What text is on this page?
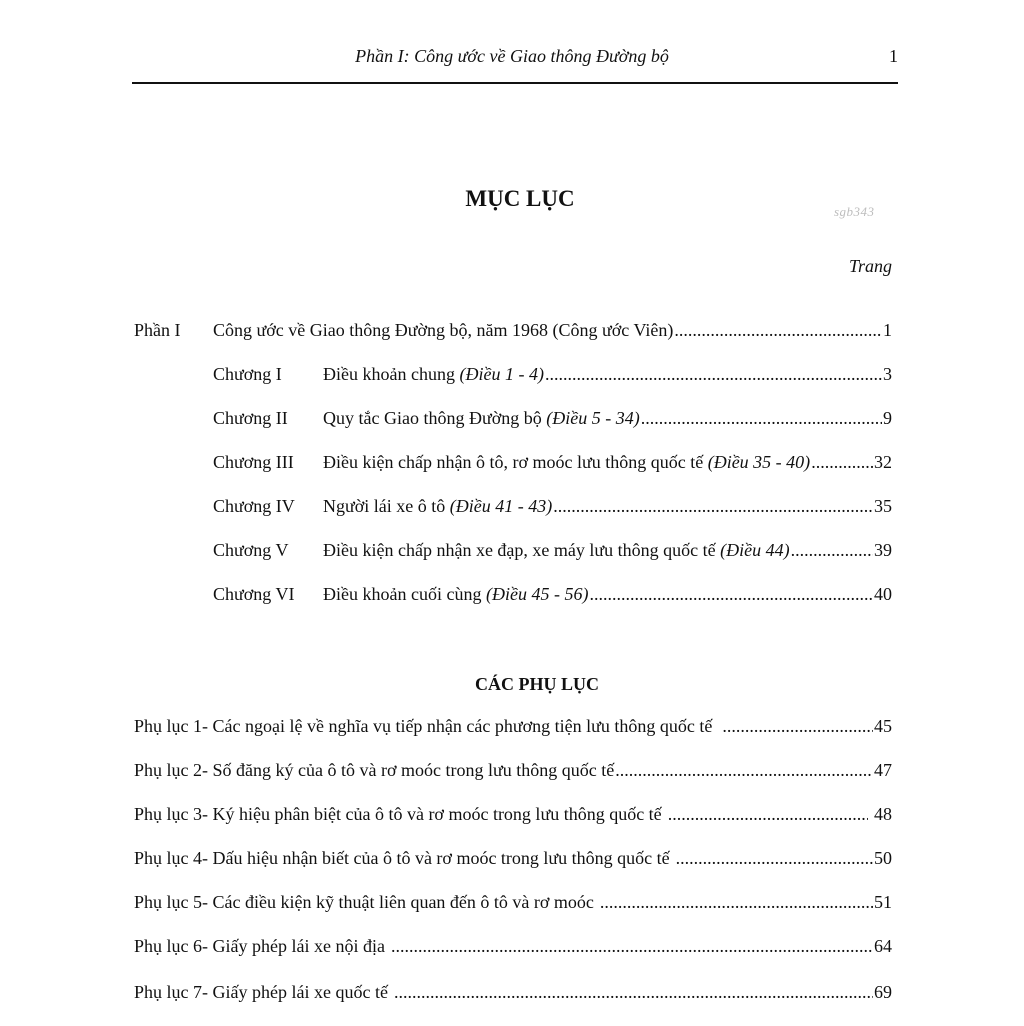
Phần I: Công ước về Giao thông Đường bộ	1
MỤC LỤC
sgb343
Trang
Phần I	Công ước về Giao thông Đường bộ, năm 1968 (Công ước Viên) .....	1
Chương I	Điều khoản chung (Điều 1 - 4) .....	3
Chương II	Quy tắc Giao thông Đường bộ (Điều 5 - 34) .....	9
Chương III	Điều kiện chấp nhận ô tô, rơ moóc lưu thông quốc tế (Điều 35 - 40) .....	32
Chương IV	Người lái xe ô tô (Điều 41 - 43) .....	35
Chương V	Điều kiện chấp nhận xe đạp, xe máy lưu thông quốc tế (Điều 44) .....	39
Chương VI	Điều khoản cuối cùng (Điều 45 - 56) .....	40
CÁC PHỤ LỤC
Phụ lục 1- Các ngoại lệ về nghĩa vụ tiếp nhận các phương tiện lưu thông quốc tế .....	45
Phụ lục 2- Số đăng ký của ô tô và rơ moóc trong lưu thông quốc tế .....	47
Phụ lục 3- Ký hiệu phân biệt của ô tô và rơ moóc trong lưu thông quốc tế .....	48
Phụ lục 4- Dấu hiệu nhận biết của ô tô và rơ moóc trong lưu thông quốc tế .....	50
Phụ lục 5- Các điều kiện kỹ thuật liên quan đến ô tô và rơ moóc .....	51
Phụ lục 6- Giấy phép lái xe nội địa .....	64
Phụ lục 7- Giấy phép lái xe quốc tế .....	69
